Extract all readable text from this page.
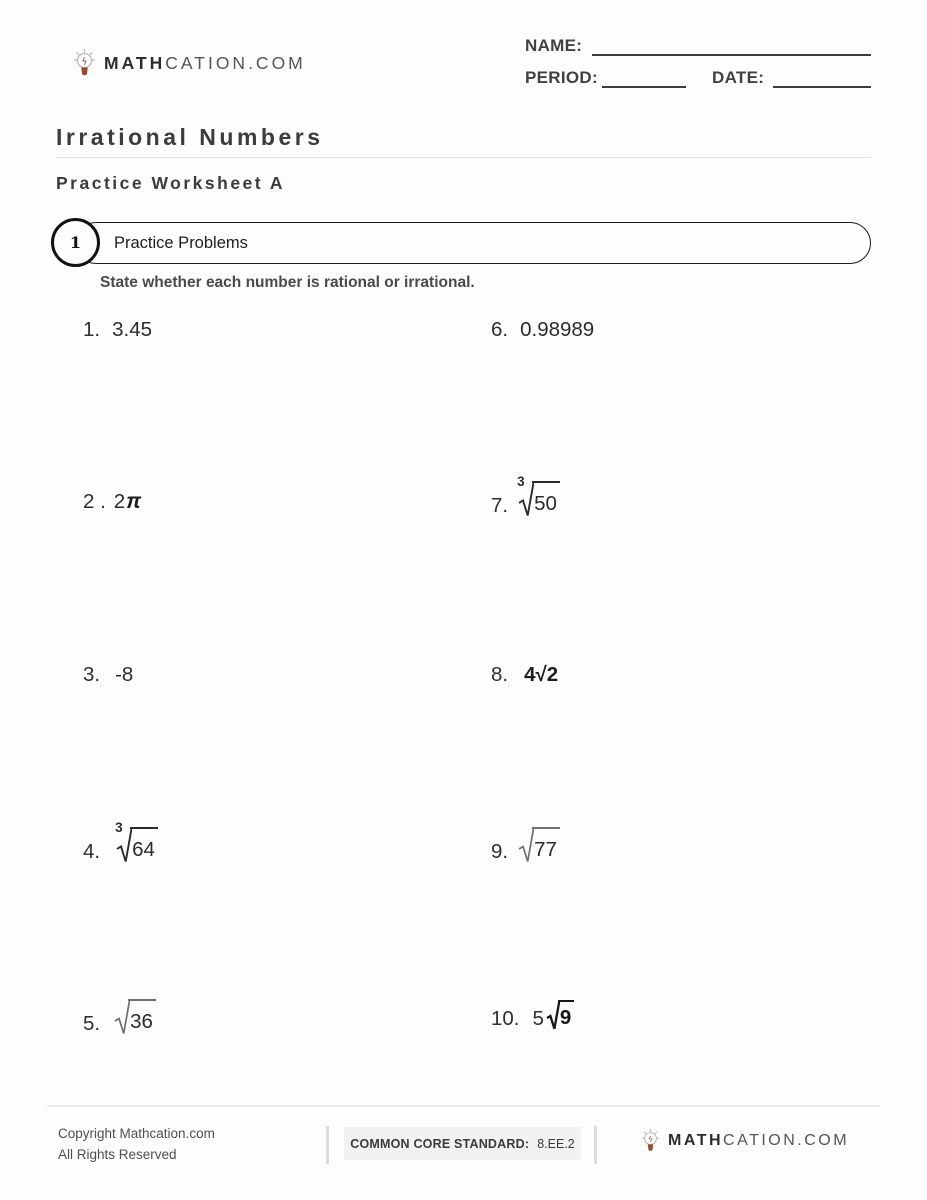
MATHCATION.COM
NAME:
PERIOD:	DATE:
Irrational Numbers
Practice Worksheet A
Practice Problems
1

State whether each number is rational or irrational.

1. 3.45
2 . 2 π
3. -8
4.
3
64
5. 36
6. 0.98989
7.
3
50
8. 4√2
9. 77
10. 5 9
Copyright Mathcation.com
All Rights Reserved
COMMON CORE STANDARD: 8.EE.2	MATHCATION.COM
